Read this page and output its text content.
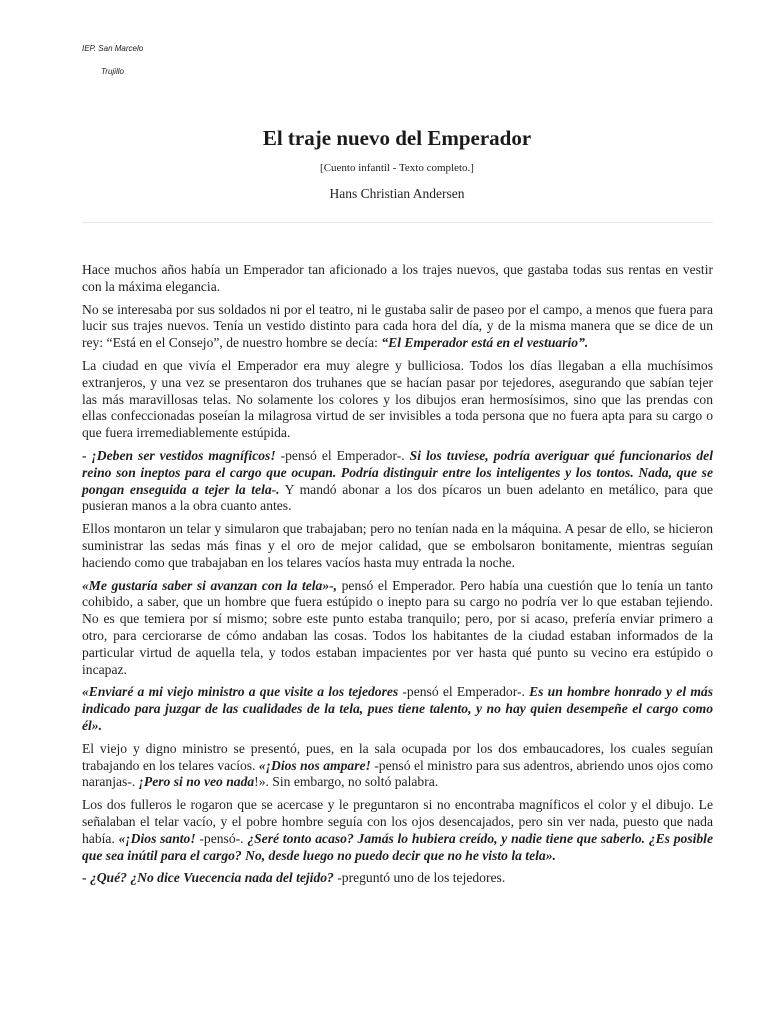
IEP. San Marcelo
Trujillo
El traje nuevo del Emperador
[Cuento infantil - Texto completo.]
Hans Christian Andersen

Hace muchos años había un Emperador tan aficionado a los trajes nuevos, que gastaba todas sus rentas en vestir con la máxima elegancia.

No se interesaba por sus soldados ni por el teatro, ni le gustaba salir de paseo por el campo, a menos que fuera para lucir sus trajes nuevos. Tenía un vestido distinto para cada hora del día, y de la misma manera que se dice de un rey: “Está en el Consejo”, de nuestro hombre se decía: “El Emperador está en el vestuario”.

La ciudad en que vivía el Emperador era muy alegre y bulliciosa. Todos los días llegaban a ella muchísimos extranjeros, y una vez se presentaron dos truhanes que se hacían pasar por tejedores, asegurando que sabían tejer las más maravillosas telas. No solamente los colores y los dibujos eran hermosísimos, sino que las prendas con ellas confeccionadas poseían la milagrosa virtud de ser invisibles a toda persona que no fuera apta para su cargo o que fuera irremediablemente estúpida.

- ¡Deben ser vestidos magníficos! -pensó el Emperador-. Si los tuviese, podría averiguar qué funcionarios del reino son ineptos para el cargo que ocupan. Podría distinguir entre los inteligentes y los tontos. Nada, que se pongan enseguida a tejer la tela-. Y mandó abonar a los dos pícaros un buen adelanto en metálico, para que pusieran manos a la obra cuanto antes.

Ellos montaron un telar y simularon que trabajaban; pero no tenían nada en la máquina. A pesar de ello, se hicieron suministrar las sedas más finas y el oro de mejor calidad, que se embolsaron bonitamente, mientras seguían haciendo como que trabajaban en los telares vacíos hasta muy entrada la noche.

«Me gustaría saber si avanzan con la tela»-, pensó el Emperador. Pero había una cuestión que lo tenía un tanto cohibido, a saber, que un hombre que fuera estúpido o inepto para su cargo no podría ver lo que estaban tejiendo. No es que temiera por sí mismo; sobre este punto estaba tranquilo; pero, por si acaso, prefería enviar primero a otro, para cerciorarse de cómo andaban las cosas. Todos los habitantes de la ciudad estaban informados de la particular virtud de aquella tela, y todos estaban impacientes por ver hasta qué punto su vecino era estúpido o incapaz.

«Enviaré a mi viejo ministro a que visite a los tejedores -pensó el Emperador-. Es un hombre honrado y el más indicado para juzgar de las cualidades de la tela, pues tiene talento, y no hay quien desempeñe el cargo como él».

El viejo y digno ministro se presentó, pues, en la sala ocupada por los dos embaucadores, los cuales seguían trabajando en los telares vacíos. «¡Dios nos ampare! -pensó el ministro para sus adentros, abriendo unos ojos como naranjas-. ¡Pero si no veo nada!». Sin embargo, no soltó palabra.

Los dos fulleros le rogaron que se acercase y le preguntaron si no encontraba magníficos el color y el dibujo. Le señalaban el telar vacío, y el pobre hombre seguía con los ojos desencajados, pero sin ver nada, puesto que nada había. «¡Dios santo! -pensó-. ¿Seré tonto acaso? Jamás lo hubiera creído, y nadie tiene que saberlo. ¿Es posible que sea inútil para el cargo? No, desde luego no puedo decir que no he visto la tela».

- ¿Qué? ¿No dice Vuecencia nada del tejido? -preguntó uno de los tejedores.
